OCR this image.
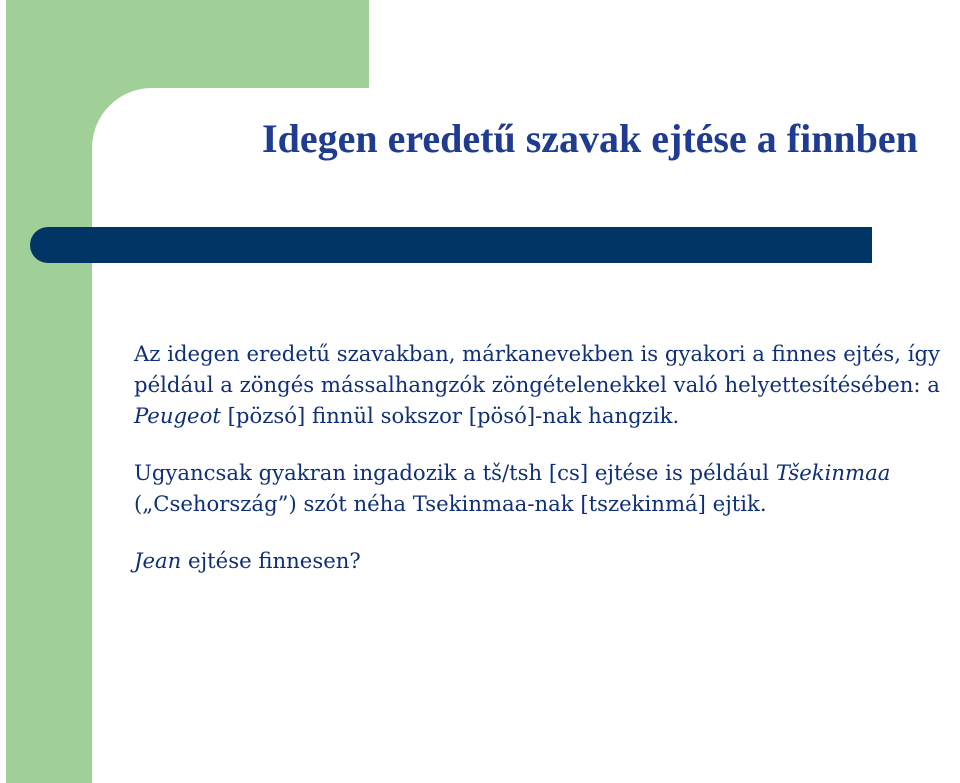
Idegen eredetű szavak ejtése a finnben

Az idegen eredetű szavakban, márkanevekben is gyakori a finnes ejtés, így például a zöngés mássalhangzók zöngételenekkel való helyettesítésében: a Peugeot [pözsó] finnül sokszor [pösó]-nak hangzik.

Ugyancsak gyakran ingadozik a tš/tsh [cs] ejtése is például Tšekinmaa („Csehország”) szót néha Tsekinmaa-nak [tszekinmá] ejtik.

Jean ejtése finnesen?
